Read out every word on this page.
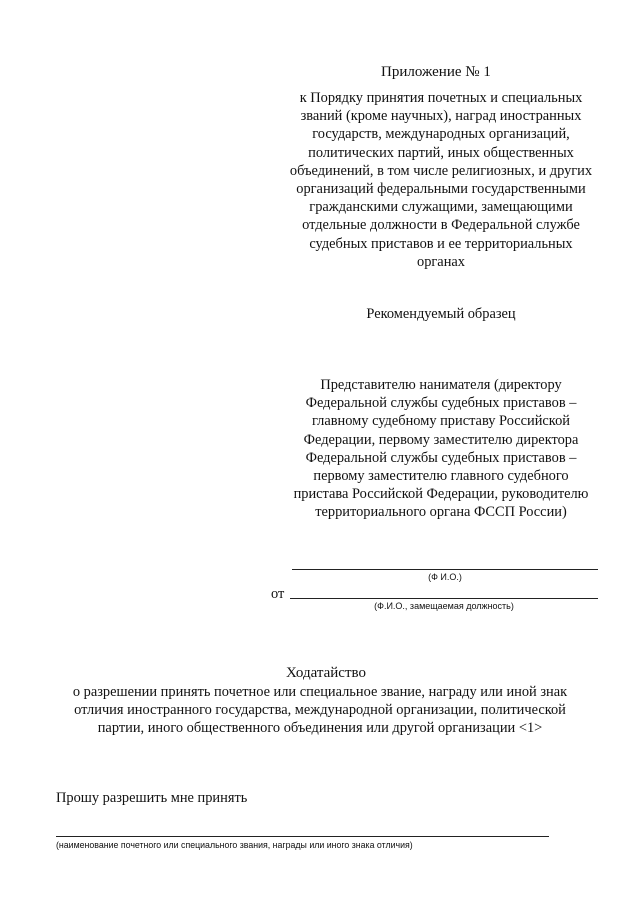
Приложение № 1
к Порядку принятия почетных и специальных званий (кроме научных), наград иностранных государств, международных организаций, политических партий, иных общественных объединений, в том числе религиозных, и других организаций федеральными государственными гражданскими служащими, замещающими отдельные должности в Федеральной службе судебных приставов и ее территориальных органах
Рекомендуемый образец
Представителю нанимателя (директору Федеральной службы судебных приставов – главному судебному приставу Российской Федерации, первому заместителю директора Федеральной службы судебных приставов – первому заместителю главного судебного пристава Российской Федерации, руководителю территориального органа ФССП России)
(Ф И.О.)
от
(Ф.И.О., замещаемая должность)
Ходатайство
о разрешении принять почетное или специальное звание, награду или иной знак отличия иностранного государства, международной организации, политической партии, иного общественного объединения или другой организации <1>
Прошу разрешить мне принять
(наименование почетного или специального звания, награды или иного знака отличия)
